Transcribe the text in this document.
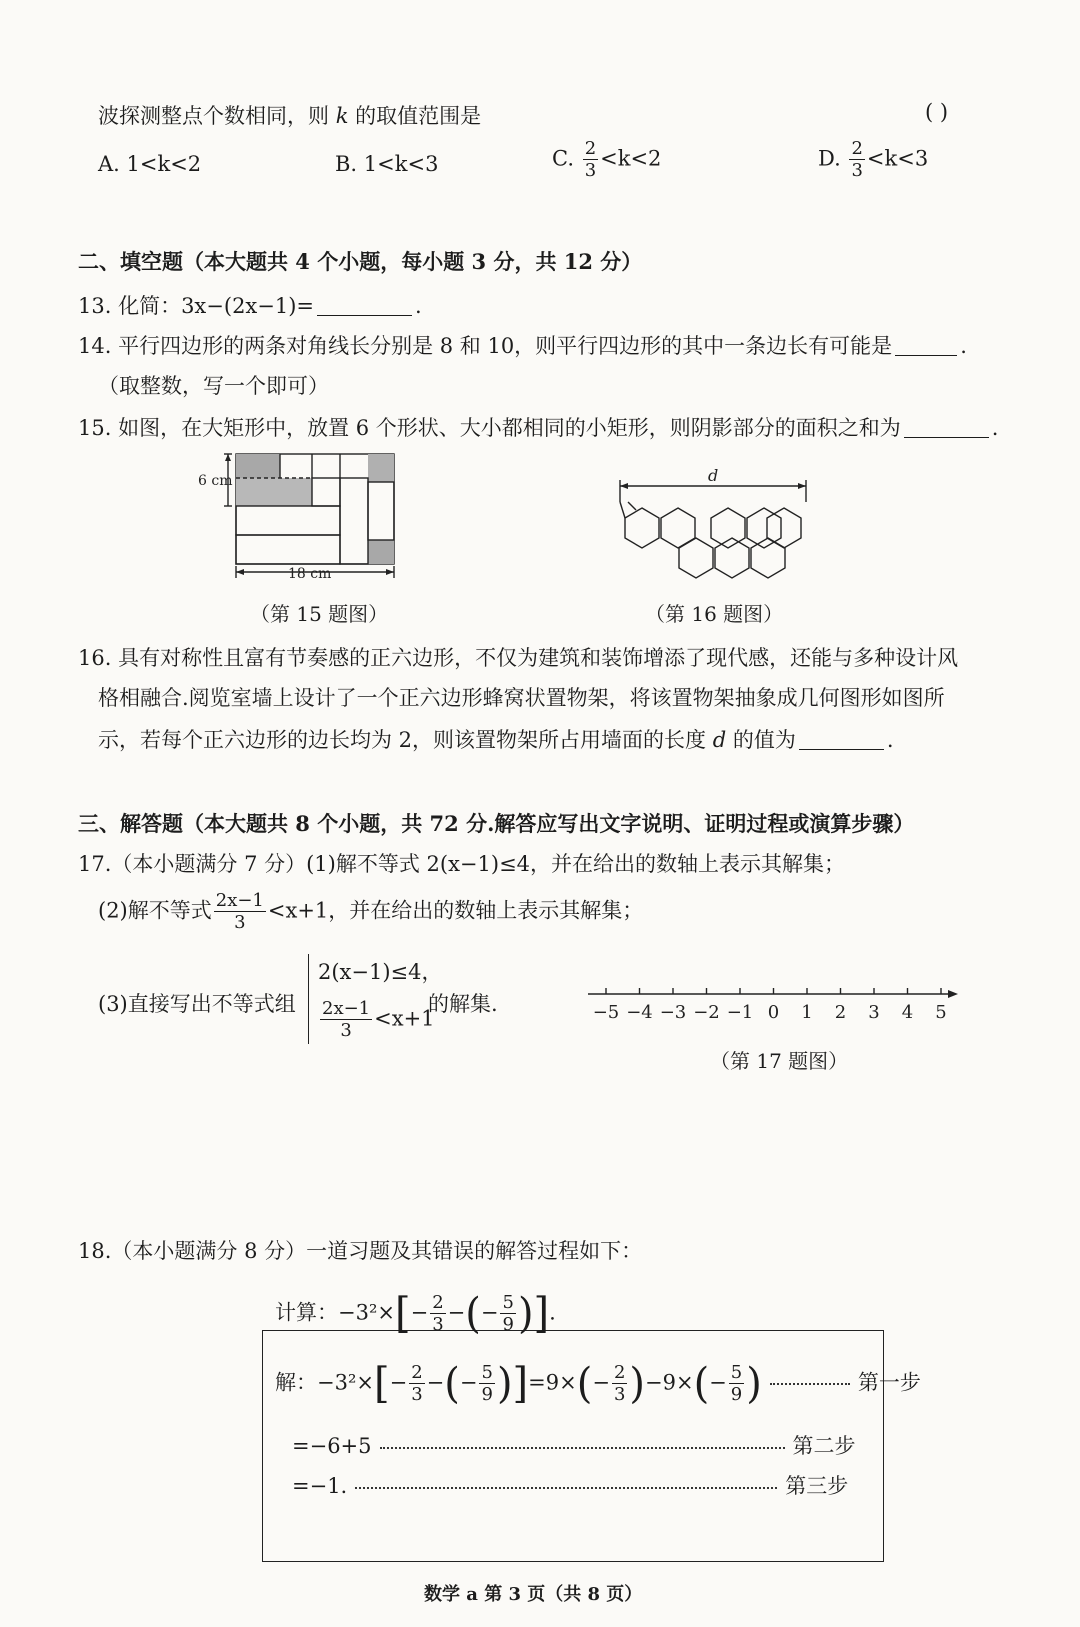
波探测整点个数相同，则 k 的取值范围是	( )
A. 1<k<2	B. 1<k<3	C. $\frac{2}{3} <k<2$	D. $\frac{2}{3} <k<3$
二、填空题（本大题共 4 个小题，每小题 3 分，共 12 分）
13. 化简：3x−(2x−1)=	.
14. 平行四边形的两条对角线长分别是 8 和 10，则平行四边形的其中一条边长有可能是	.
（取整数，写一个即可）
15. 如图，在大矩形中，放置 6 个形状、大小都相同的小矩形，则阴影部分的面积之和为	.
6 cm
18 cm
（第 15 题图）
d
（第 16 题图）
16. 具有对称性且富有节奏感的正六边形，不仅为建筑和装饰增添了现代感，还能与多种设计风
格相融合.阅览室墙上设计了一个正六边形蜂窝状置物架，将该置物架抽象成几何图形如图所
示，若每个正六边形的边长均为 2，则该置物架所占用墙面的长度 d 的值为	.
三、解答题（本大题共 8 个小题，共 72 分.解答应写出文字说明、证明过程或演算步骤）
17.（本小题满分 7 分）(1)解不等式 2(x−1)≤4，并在给出的数轴上表示其解集；
(2)解不等式 $\frac{2x-1}{3} <x+1$，并在给出的数轴上表示其解集；
(3)直接写出不等式组
2(x−1)≤4，
$\frac{2x-1}{3} <x+1$
的解集.	−5 −4 −3 −2 −1 0 1 2 3 4 5
（第 17 题图）
18.（本小题满分 8 分）一道习题及其错误的解答过程如下：
计算：$-3^2\times[- \frac{2}{3}$ −(− $\frac{5}{9}$ )].
解：$-3^2\times[- \frac{2}{3}$ −(− $\frac{5}{9} )]=9\times(- \frac{2}{3} )-9\times(- \frac{5}{9}$ )	第一步
=−6+5	第二步
=−1.	第三步
数学 a 第 3 页（共 8 页）
